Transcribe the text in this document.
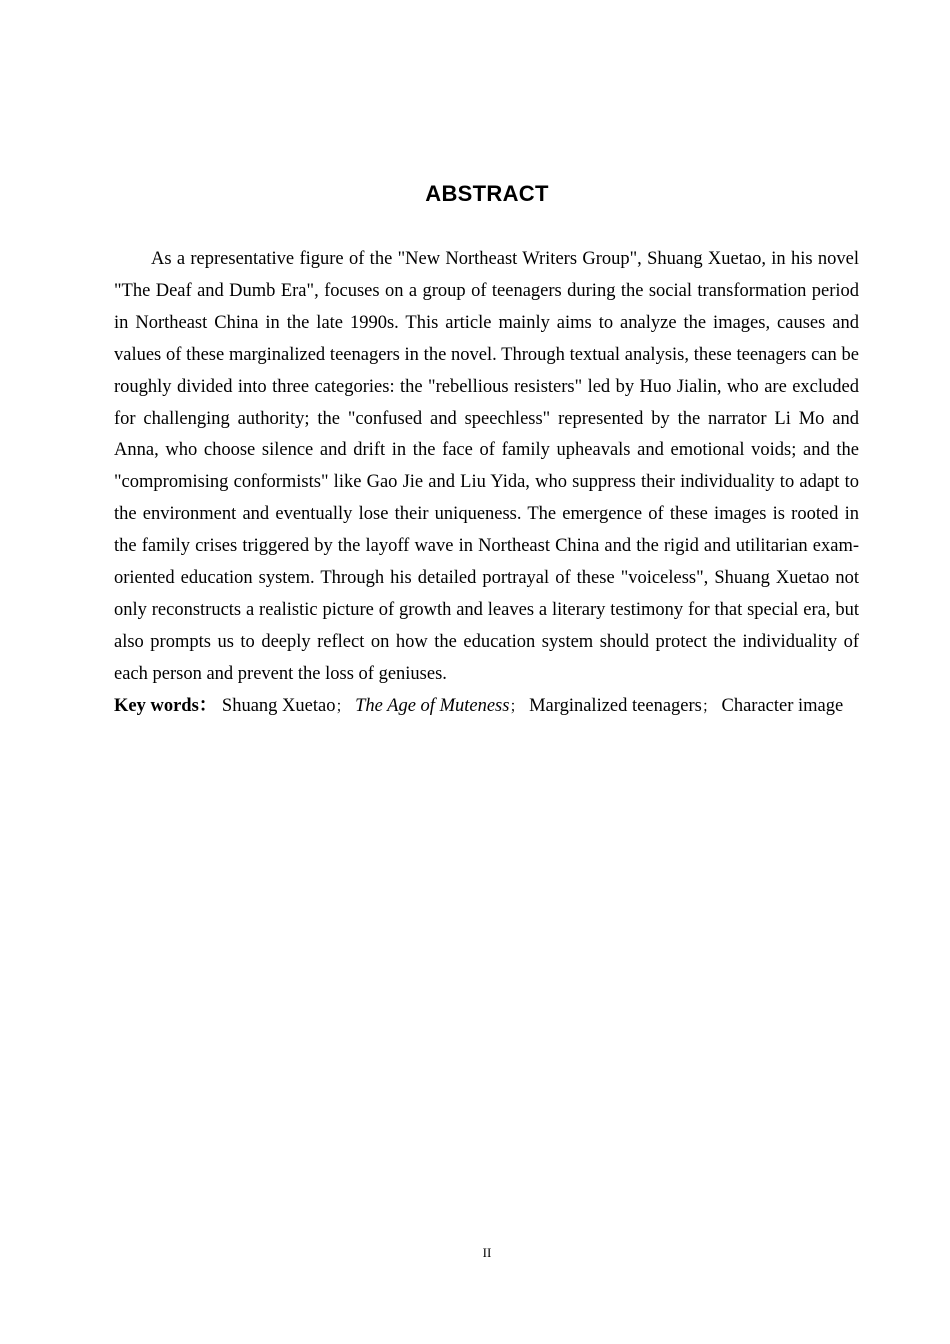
ABSTRACT

As a representative figure of the "New Northeast Writers Group", Shuang Xuetao, in his novel "The Deaf and Dumb Era", focuses on a group of teenagers during the social transformation period in Northeast China in the late 1990s. This article mainly aims to analyze the images, causes and values of these marginalized teenagers in the novel. Through textual analysis, these teenagers can be roughly divided into three categories: the "rebellious resisters" led by Huo Jialin, who are excluded for challenging authority; the "confused and speechless" represented by the narrator Li Mo and Anna, who choose silence and drift in the face of family upheavals and emotional voids; and the "compromising conformists" like Gao Jie and Liu Yida, who suppress their individuality to adapt to the environment and eventually lose their uniqueness. The emergence of these images is rooted in the family crises triggered by the layoff wave in Northeast China and the rigid and utilitarian exam-oriented education system. Through his detailed portrayal of these "voiceless", Shuang Xuetao not only reconstructs a realistic picture of growth and leaves a literary testimony for that special era, but also prompts us to deeply reflect on how the education system should protect the individuality of each person and prevent the loss of geniuses.

Key words： Shuang Xuetao； The Age of Muteness； Marginalized teenagers； Character image

II
